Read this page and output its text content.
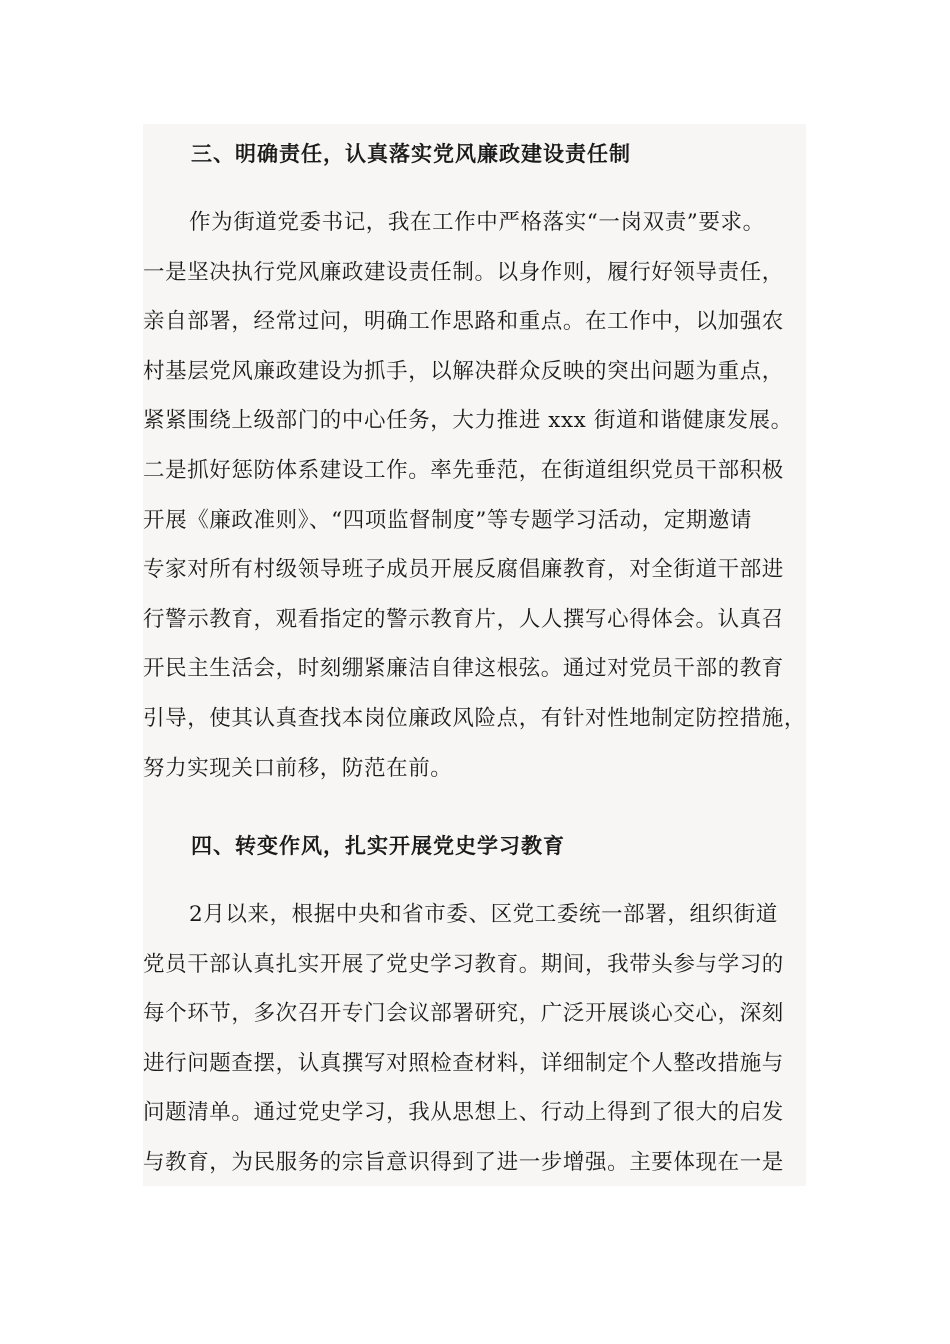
三、明确责任，认真落实党风廉政建设责任制
作为街道党委书记，我在工作中严格落实“一岗双责”要求。
一是坚决执行党风廉政建设责任制。以身作则，履行好领导责任，
亲自部署，经常过问，明确工作思路和重点。在工作中，以加强农
村基层党风廉政建设为抓手，以解决群众反映的突出问题为重点，
紧紧围绕上级部门的中心任务，大力推进 xxx 街道和谐健康发展。
二是抓好惩防体系建设工作。率先垂范，在街道组织党员干部积极
开展《廉政准则》、“四项监督制度”等专题学习活动，定期邀请
专家对所有村级领导班子成员开展反腐倡廉教育，对全街道干部进
行警示教育，观看指定的警示教育片，人人撰写心得体会。认真召
开民主生活会，时刻绷紧廉洁自律这根弦。通过对党员干部的教育
引导，使其认真查找本岗位廉政风险点，有针对性地制定防控措施，
努力实现关口前移，防范在前。
四、转变作风，扎实开展党史学习教育
2月以来，根据中央和省市委、区党工委统一部署，组织街道
党员干部认真扎实开展了党史学习教育。期间，我带头参与学习的
每个环节，多次召开专门会议部署研究，广泛开展谈心交心，深刻
进行问题查摆，认真撰写对照检查材料，详细制定个人整改措施与
问题清单。通过党史学习，我从思想上、行动上得到了很大的启发
与教育，为民服务的宗旨意识得到了进一步增强。主要体现在一是
